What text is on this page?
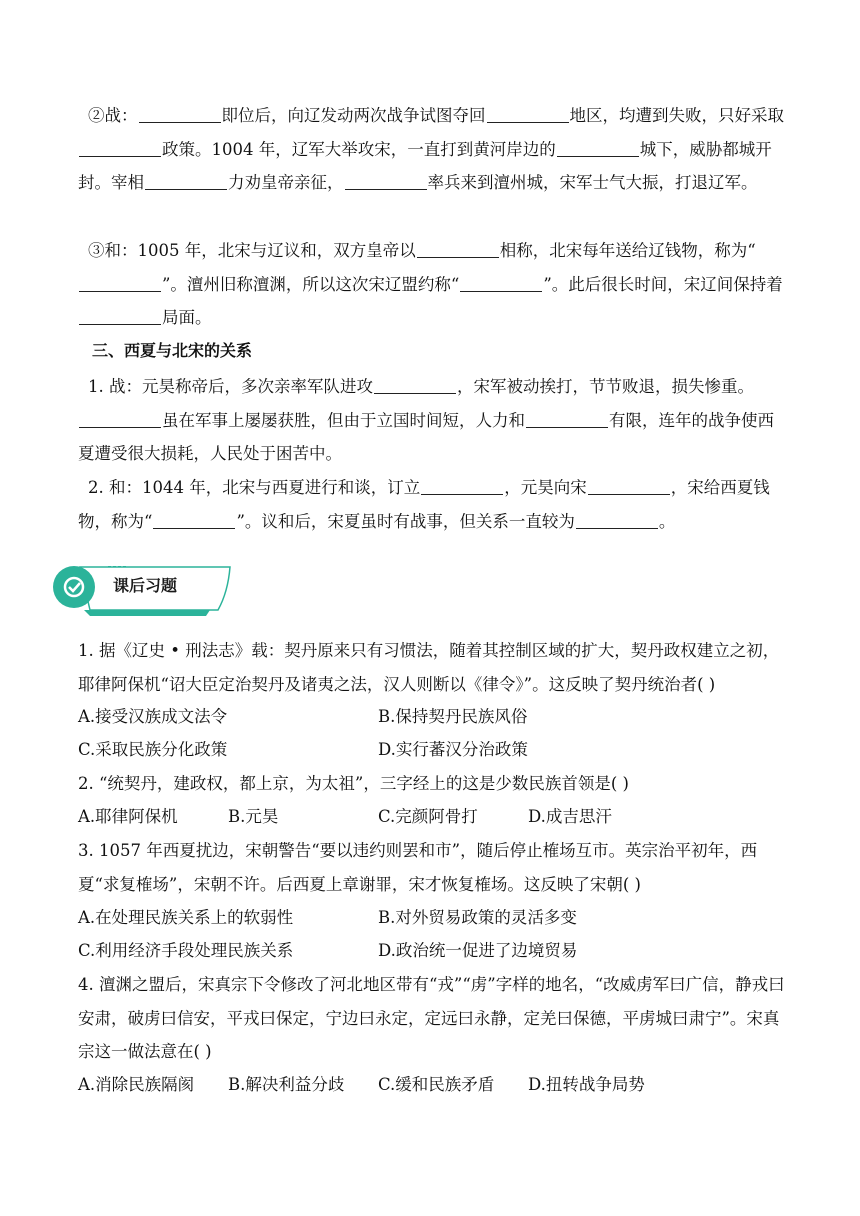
②战：	即位后，向辽发动两次战争试图夺回	地区，均遭到失败，只好采取政策。1004 年，辽军大举攻宋，一直打到黄河岸边的	城下，威胁都城开封。宰相	力劝皇帝亲征，	率兵来到澶州城，宋军士气大振，打退辽军。

③和：1005 年，北宋与辽议和，双方皇帝以	相称，北宋每年送给辽钱物，称为“”。澶州旧称澶渊，所以这次宋辽盟约称“	”。此后很长时间，宋辽间保持着局面。

三、西夏与北宋的关系

1. 战：元昊称帝后，多次亲率军队进攻	，宋军被动挨打，节节败退，损失惨重。虽在军事上屡屡获胜，但由于立国时间短，人力和	有限，连年的战争使西夏遭受很大损耗，人民处于困苦中。

2. 和：1044 年，北宋与西夏进行和谈，订立	，元昊向宋	，宋给西夏钱物，称为“	”。议和后，宋夏虽时有战事，但关系一直较为	。

课后习题

1. 据《辽史 • 刑法志》载：契丹原来只有习惯法，随着其控制区域的扩大，契丹政权建立之初，耶律阿保机“诏大臣定治契丹及诸夷之法，汉人则断以《律令》”。这反映了契丹统治者( )

A.接受汉族成文法令	B.保持契丹民族风俗
C.采取民族分化政策	D.实行蕃汉分治政策

2. “统契丹，建政权，都上京，为太祖”，三字经上的这是少数民族首领是( )

A.耶律阿保机	B.元昊	C.完颜阿骨打	D.成吉思汗

3. 1057 年西夏扰边，宋朝警告“要以违约则罢和市”，随后停止榷场互市。英宗治平初年，西夏“求复榷场”，宋朝不许。后西夏上章谢罪，宋才恢复榷场。这反映了宋朝( )

A.在处理民族关系上的软弱性	B.对外贸易政策的灵活多变
C.利用经济手段处理民族关系	D.政治统一促进了边境贸易

4. 澶渊之盟后，宋真宗下令修改了河北地区带有“戎”“虏”字样的地名，“改威虏军曰广信，静戎曰安肃，破虏曰信安，平戎曰保定，宁边曰永定，定远曰永静，定羌曰保德，平虏城曰肃宁”。宋真宗这一做法意在( )

A.消除民族隔阂 B.解决利益分歧 C.缓和民族矛盾 D.扭转战争局势
